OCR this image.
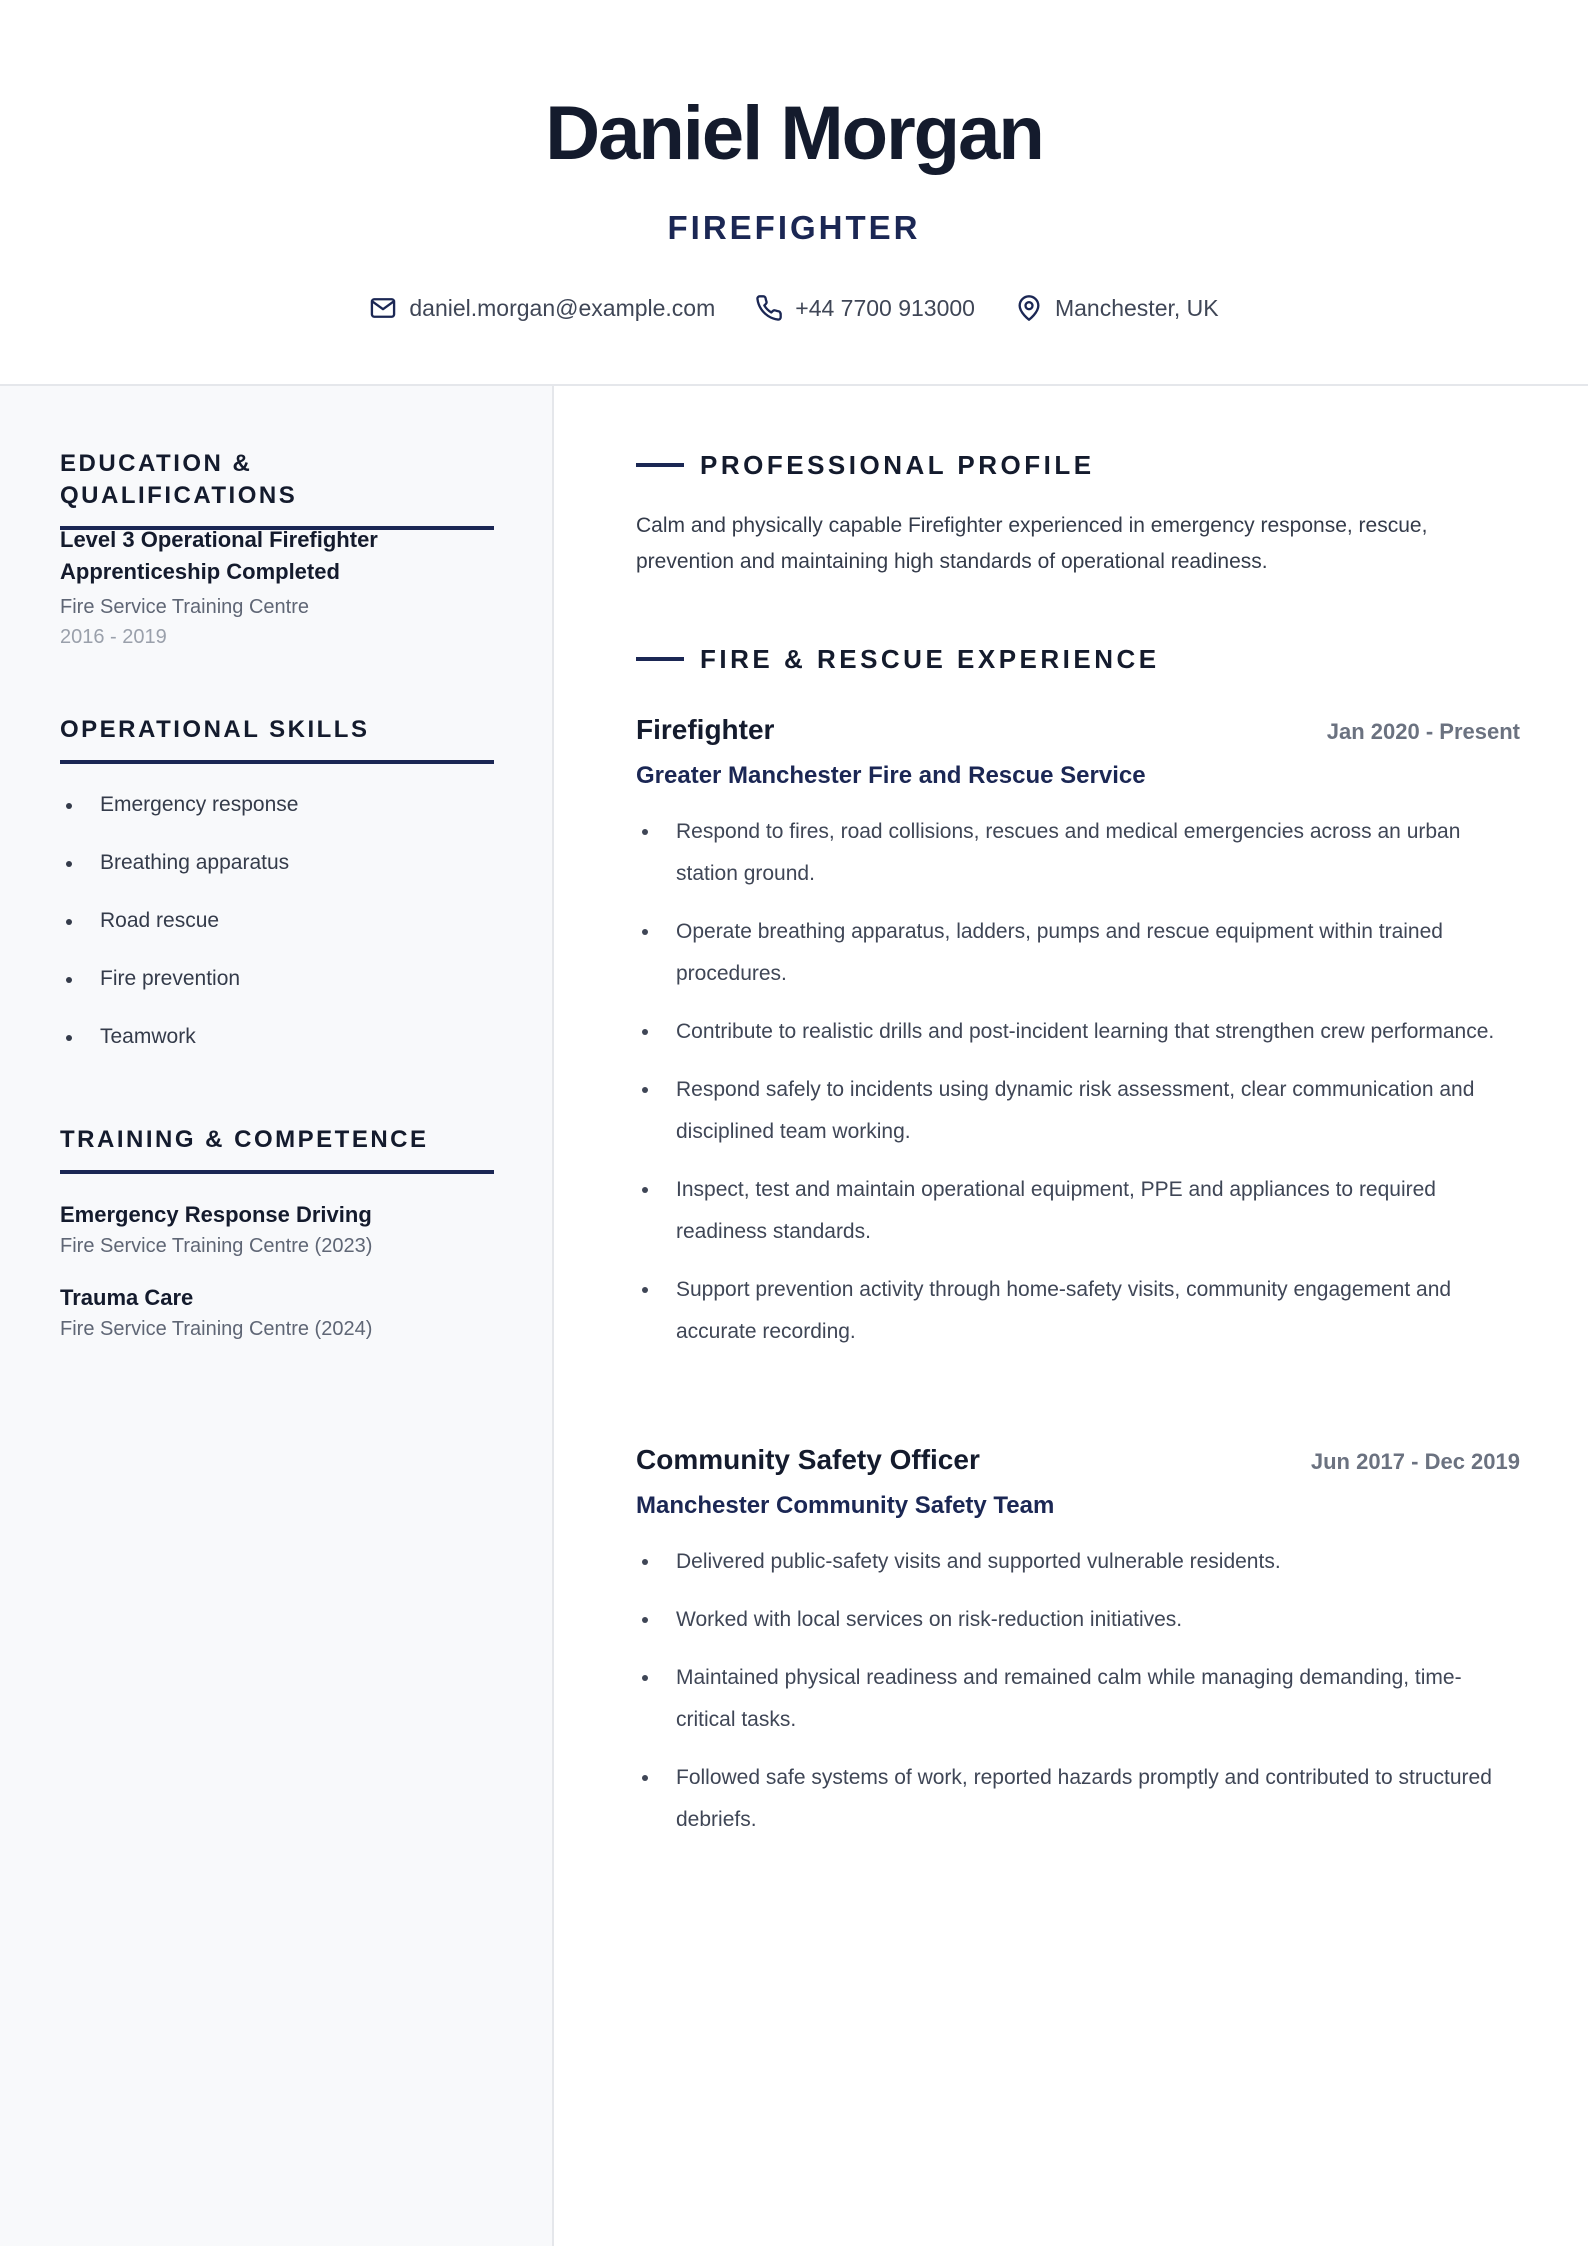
Daniel Morgan
FIREFIGHTER
daniel.morgan@example.com	+44 7700 913000	Manchester, UK
EDUCATION & QUALIFICATIONS
Level 3 Operational Firefighter Apprenticeship Completed
Fire Service Training Centre
2016 - 2019
OPERATIONAL SKILLS
Emergency response
Breathing apparatus
Road rescue
Fire prevention
Teamwork
TRAINING & COMPETENCE
Emergency Response Driving
Fire Service Training Centre (2023)
Trauma Care
Fire Service Training Centre (2024)
PROFESSIONAL PROFILE
Calm and physically capable Firefighter experienced in emergency response, rescue, prevention and maintaining high standards of operational readiness.
FIRE & RESCUE EXPERIENCE
Firefighter	Jan 2020 - Present
Greater Manchester Fire and Rescue Service
Respond to fires, road collisions, rescues and medical emergencies across an urban station ground.
Operate breathing apparatus, ladders, pumps and rescue equipment within trained procedures.
Contribute to realistic drills and post-incident learning that strengthen crew performance.
Respond safely to incidents using dynamic risk assessment, clear communication and disciplined team working.
Inspect, test and maintain operational equipment, PPE and appliances to required readiness standards.
Support prevention activity through home-safety visits, community engagement and accurate recording.
Community Safety Officer	Jun 2017 - Dec 2019
Manchester Community Safety Team
Delivered public-safety visits and supported vulnerable residents.
Worked with local services on risk-reduction initiatives.
Maintained physical readiness and remained calm while managing demanding, time-critical tasks.
Followed safe systems of work, reported hazards promptly and contributed to structured debriefs.
